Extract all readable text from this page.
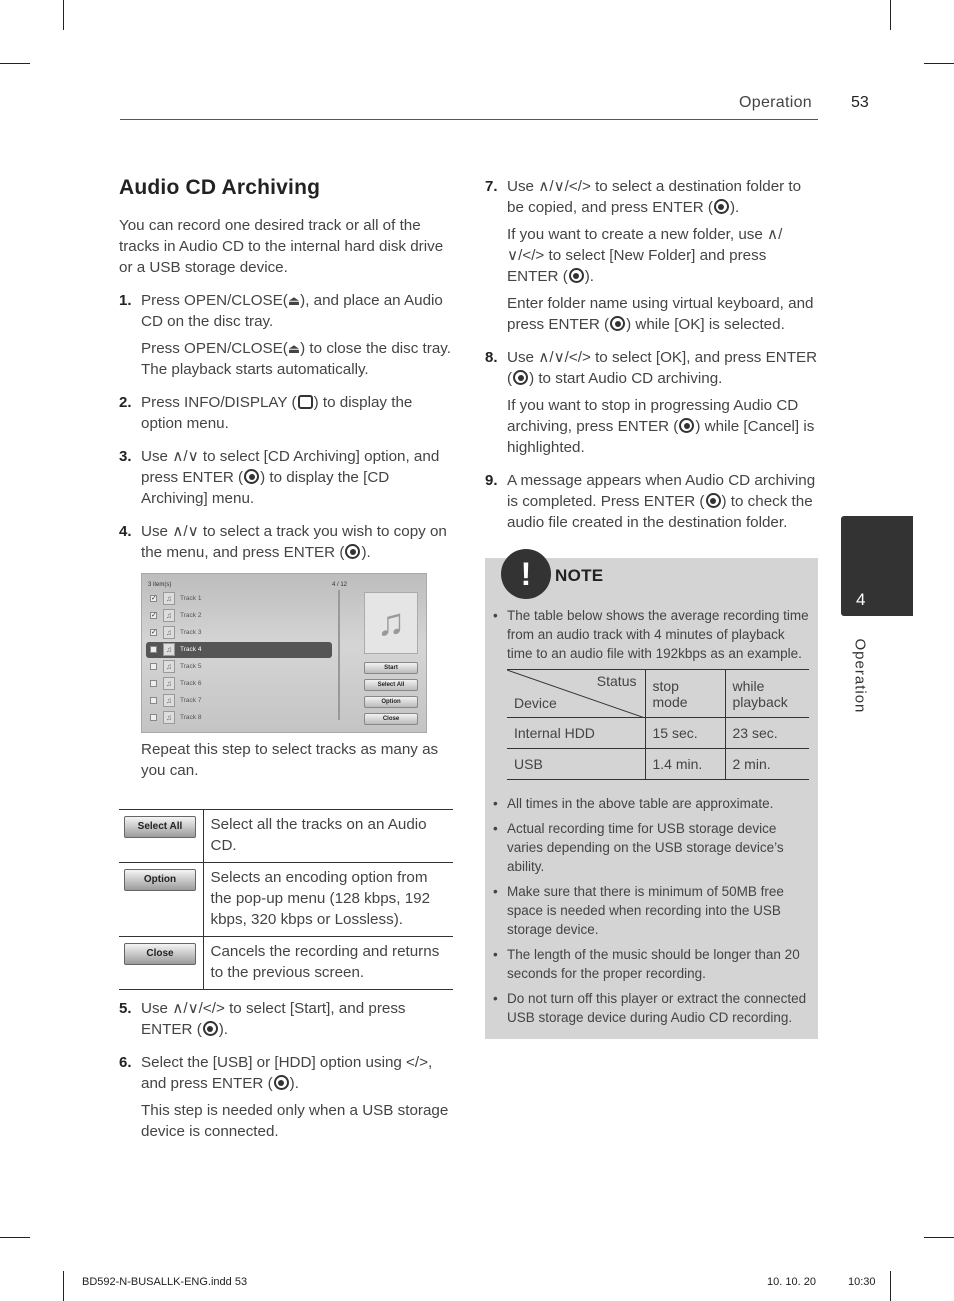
Operation 53
Audio CD Archiving

You can record one desired track or all of the tracks in Audio CD to the internal hard disk drive or a USB storage device.

1. Press OPEN/CLOSE(⏏), and place an Audio CD on the disc tray.

Press OPEN/CLOSE(⏏) to close the disc tray. The playback starts automatically.

2. Press INFO/DISPLAY ( ) to display the option menu.

3. Use ∧/∨ to select [CD Archiving] option, and press ENTER ( ) to display the [CD Archiving] menu.

4. Use ∧/∨ to select a track you wish to copy on the menu, and press ENTER ( ).

3 item(s)	4 / 12
✓	♫	Track 1
✓	♫	Track 2
✓	♫	Track 3
♫	Track 4
♫	Track 5
♫	Track 6
♫	Track 7
♫	Track 8
♫
Start
Select All
Option
Close

Repeat this step to select tracks as many as you can.

Select All	Select all the tracks on an Audio CD.

Option	Selects an encoding option from the pop-up menu (128 kbps, 192 kbps, 320 kbps or Lossless).

Close	Cancels the recording and returns to the previous screen.
5. Use ∧/∨/</> to select [Start], and press ENTER ( ).

6. Select the [USB] or [HDD] option using </>, and press ENTER ( ).

This step is needed only when a USB storage device is connected.

7. Use ∧/∨/</> to select a destination folder to be copied, and press ENTER ( ).

If you want to create a new folder, use ∧/∨/</> to select [New Folder] and press ENTER ( ).

Enter folder name using virtual keyboard, and press ENTER ( ) while [OK] is selected.

8. Use ∧/∨/</> to select [OK], and press ENTER ( ) to start Audio CD archiving.

If you want to stop in progressing Audio CD archiving, press ENTER ( ) while [Cancel] is highlighted.

9. A message appears when Audio CD archiving is completed. Press ENTER ( ) to check the audio file created in the destination folder.

!	NOTE
• The table below shows the average recording time from an audio track with 4 minutes of playback time to an audio file with 192kbps as an example.
Status
Device	stop mode	while playback
Internal HDD	15 sec.	23 sec.
USB	1.4 min.	2 min.
• All times in the above table are approximate.
• Actual recording time for USB storage device varies depending on the USB storage device’s ability.
• Make sure that there is minimum of 50MB free space is needed when recording into the USB storage device.
• The length of the music should be longer than 20 seconds for the proper recording.
• Do not turn off this player or extract the connected USB storage device during Audio CD recording.
4
Operation
BD592-N-BUSALLK-ENG.indd 53	10. 10. 20	10:30
